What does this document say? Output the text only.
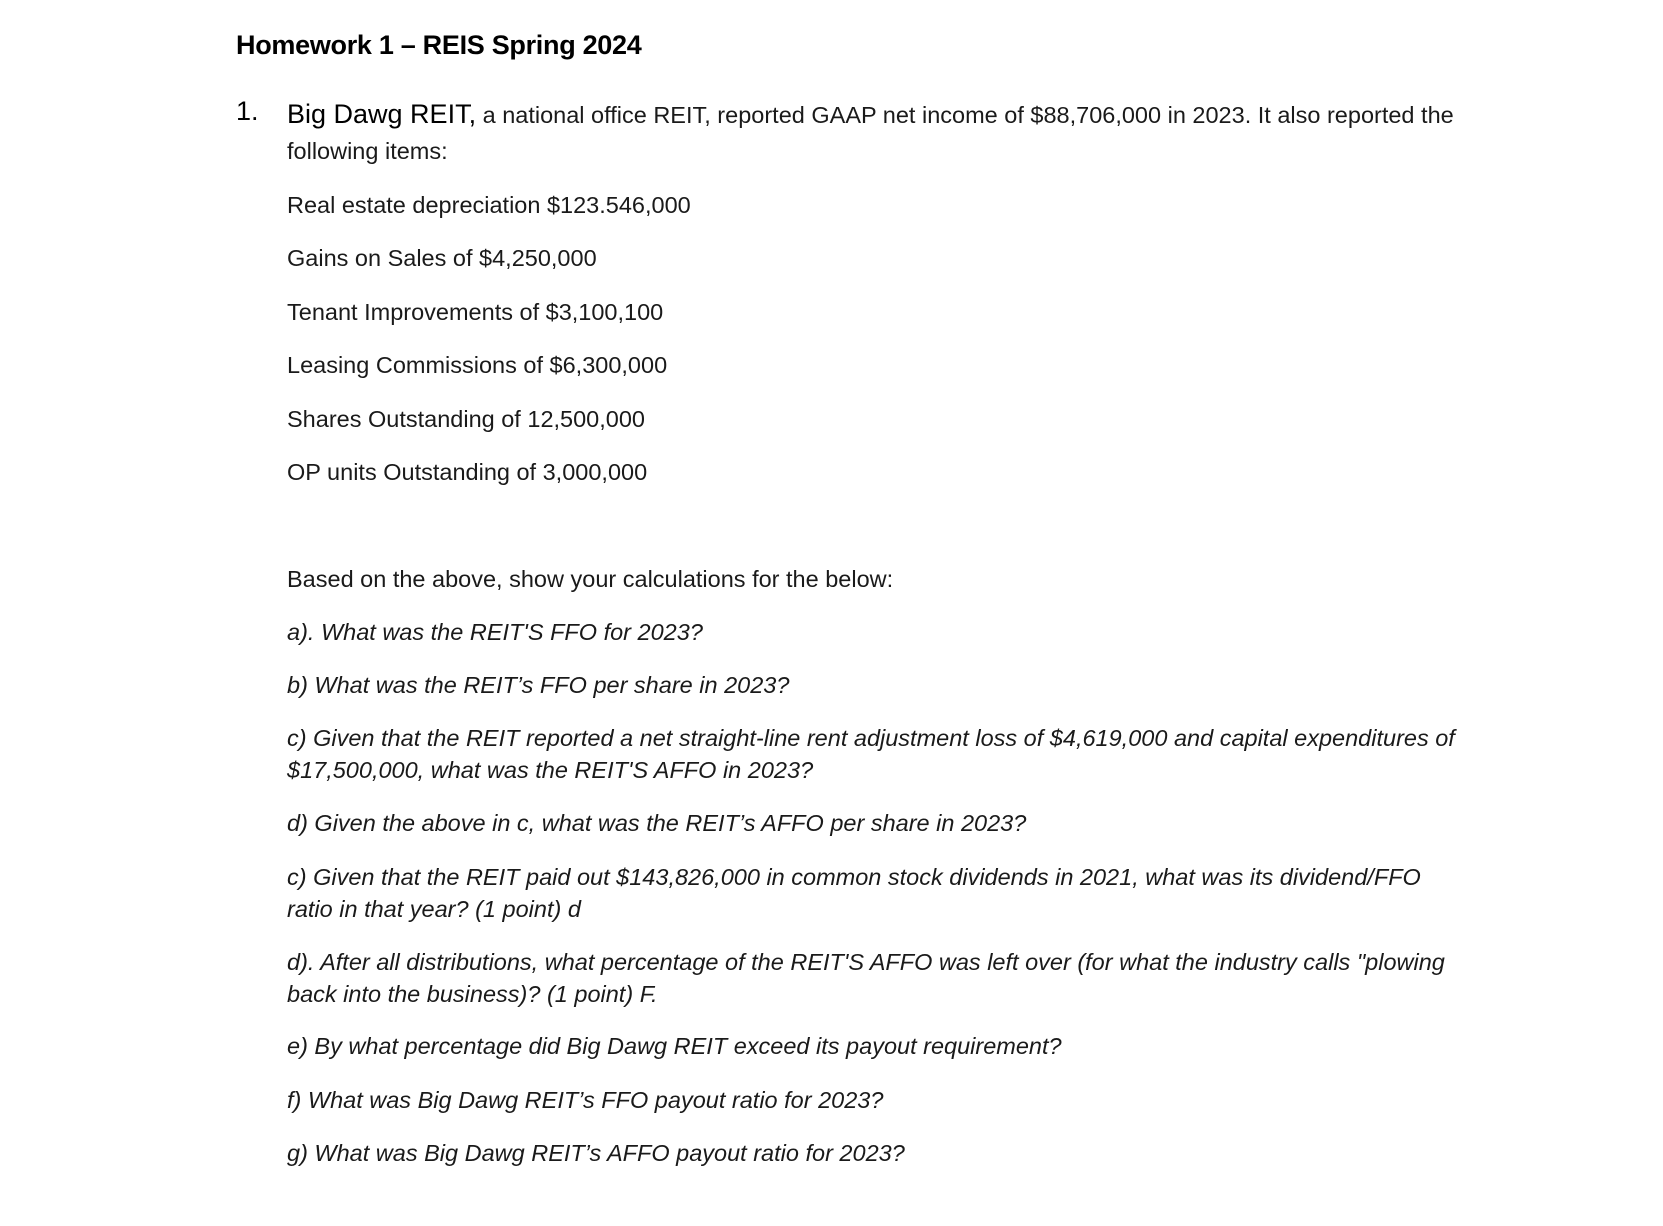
Homework 1 – REIS Spring 2024
1. Big Dawg REIT, a national office REIT, reported GAAP net income of $88,706,000 in 2023. It also reported the following items:

Real estate depreciation $123.546,000

Gains on Sales of $4,250,000

Tenant Improvements of $3,100,100

Leasing Commissions of $6,300,000

Shares Outstanding of 12,500,000

OP units Outstanding of 3,000,000

Based on the above, show your calculations for the below:

a). What was the REIT'S FFO for 2023?

b) What was the REIT’s FFO per share in 2023?

c) Given that the REIT reported a net straight-line rent adjustment loss of $4,619,000 and capital expenditures of $17,500,000, what was the REIT'S AFFO in 2023?

d) Given the above in c, what was the REIT’s AFFO per share in 2023?

c) Given that the REIT paid out $143,826,000 in common stock dividends in 2021, what was its dividend/FFO ratio in that year? (1 point) d

d). After all distributions, what percentage of the REIT'S AFFO was left over (for what the industry calls "plowing back into the business)? (1 point) F.

e) By what percentage did Big Dawg REIT exceed its payout requirement?

f) What was Big Dawg REIT’s FFO payout ratio for 2023?

g) What was Big Dawg REIT’s AFFO payout ratio for 2023?
